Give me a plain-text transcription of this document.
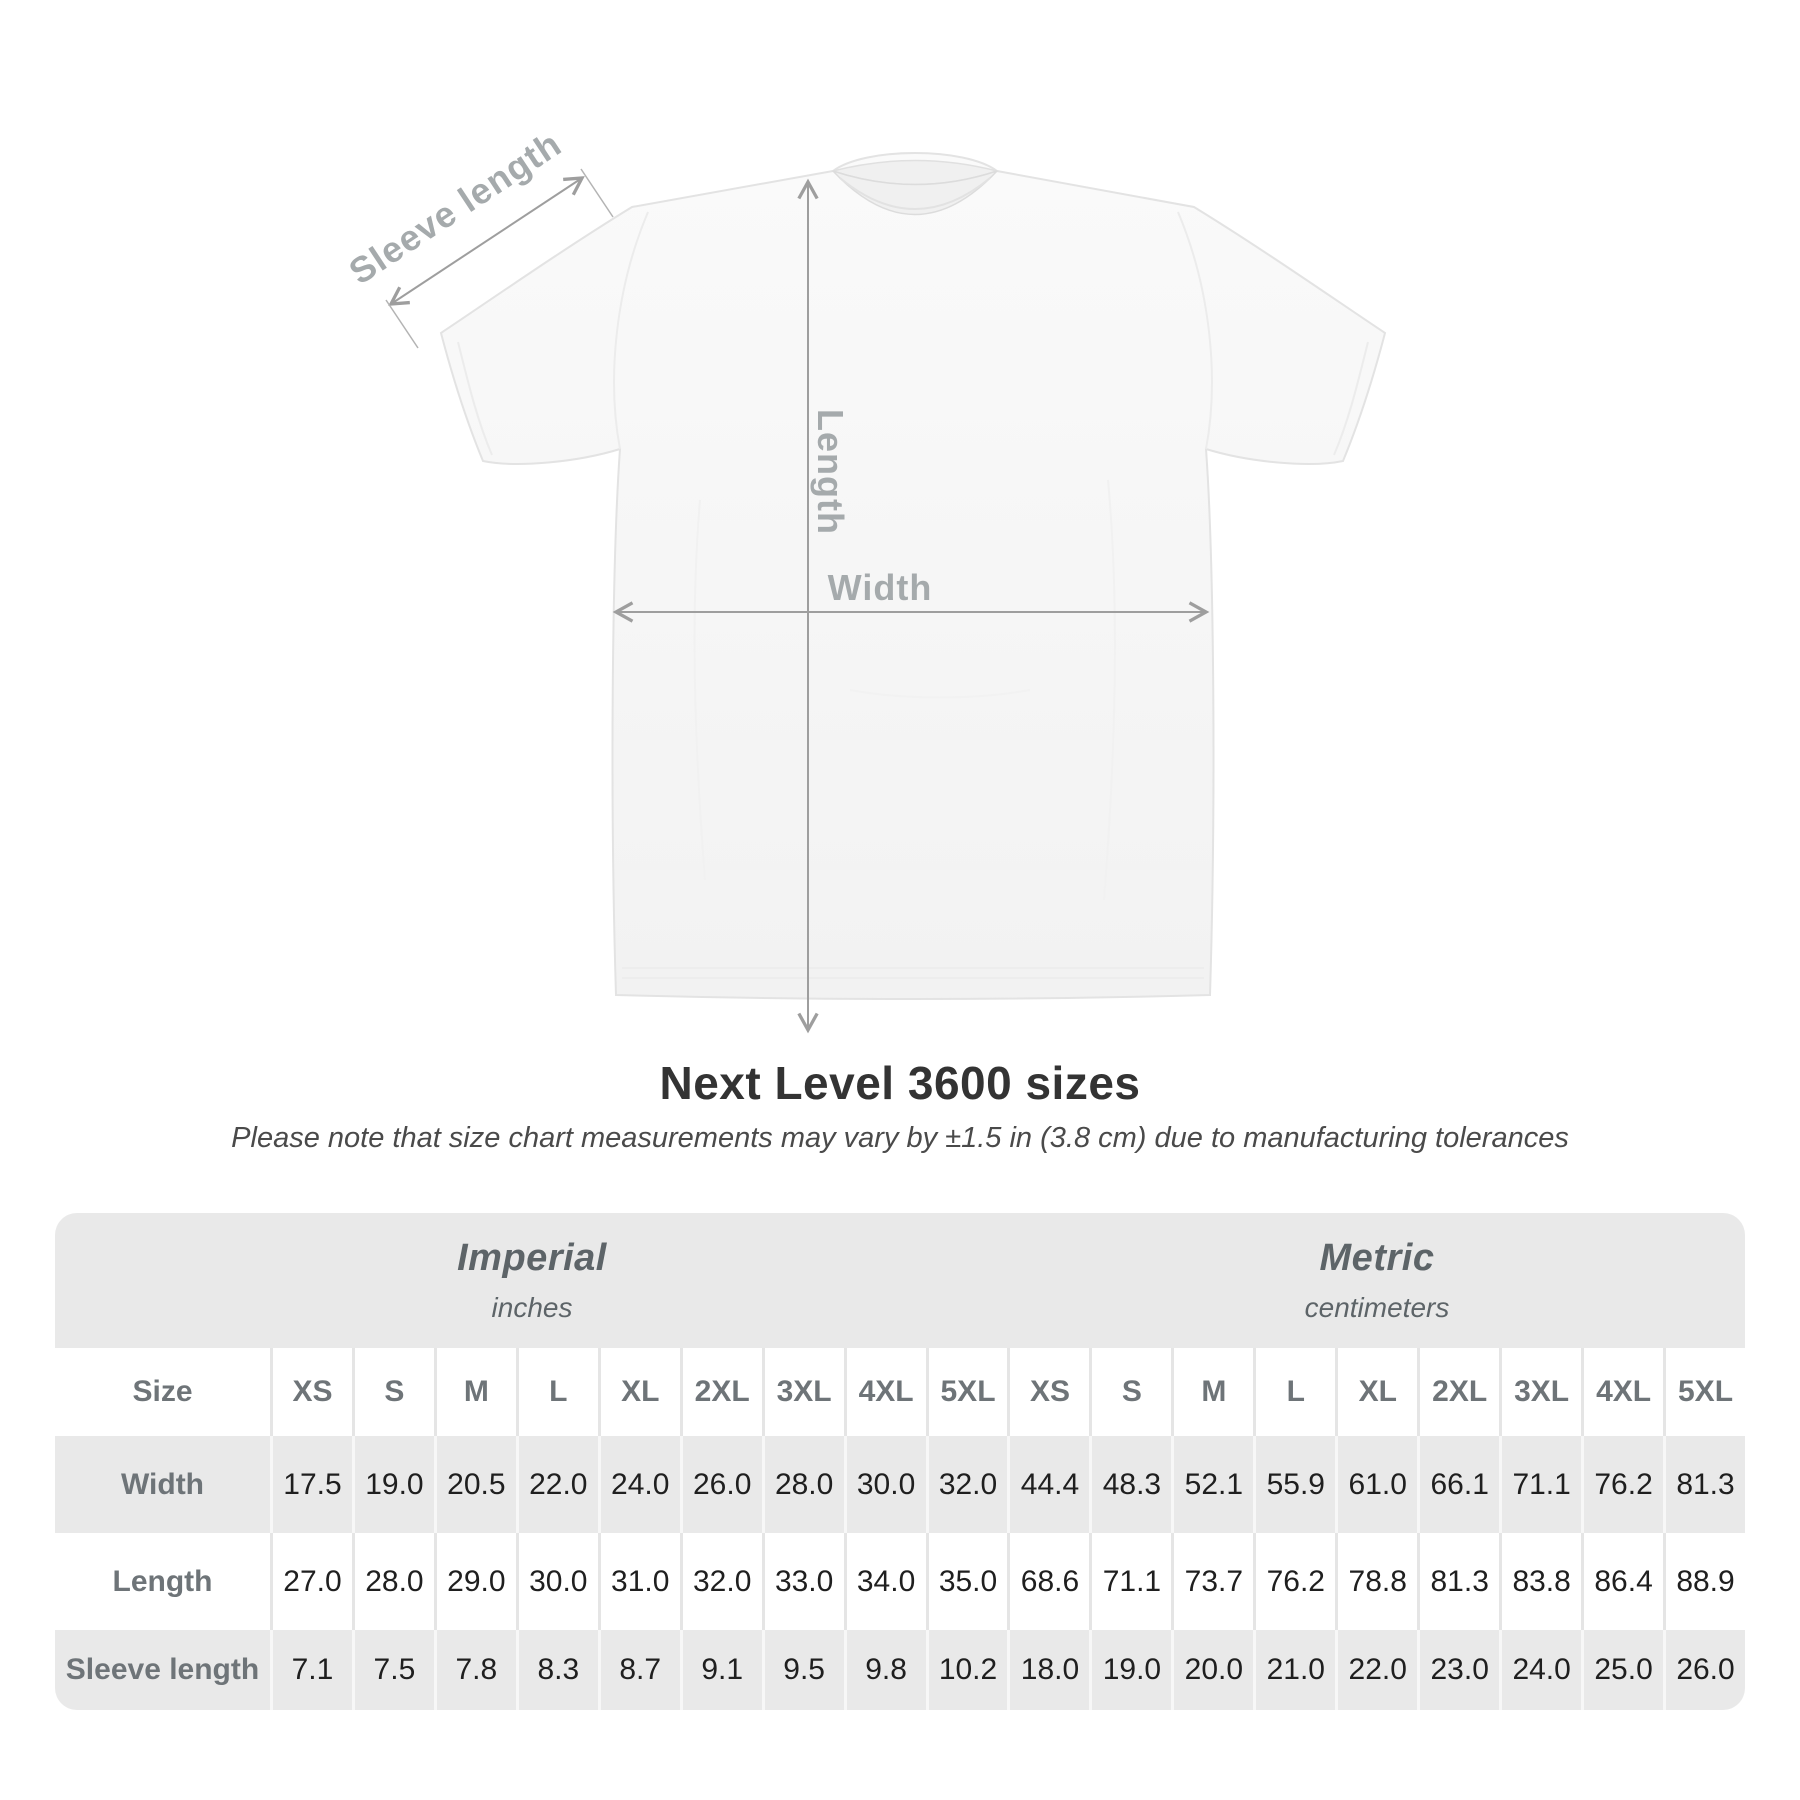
Sleeve length
Length
Width
Next Level 3600 sizes

Please note that size chart measurements may vary by ±1.5 in (3.8 cm) due to manufacturing tolerances

Imperial
inches
Metric
centimeters
Size	XS	S	M	L	XL	2XL 3XL 4XL 5XL	XS	S	M	L	XL	2XL 3XL 4XL 5XL
Width	17.5 19.0 20.5 22.0 24.0 26.0 28.0 30.0 32.0 44.4 48.3 52.1 55.9 61.0 66.1 71.1 76.2 81.3
Length	27.0 28.0 29.0 30.0 31.0 32.0 33.0 34.0 35.0 68.6 71.1 73.7 76.2 78.8 81.3 83.8 86.4 88.9
Sleeve length	7.1	7.5	7.8	8.3	8.7	9.1	9.5	9.8	10.2 18.0 19.0 20.0 21.0 22.0 23.0 24.0 25.0 26.0
